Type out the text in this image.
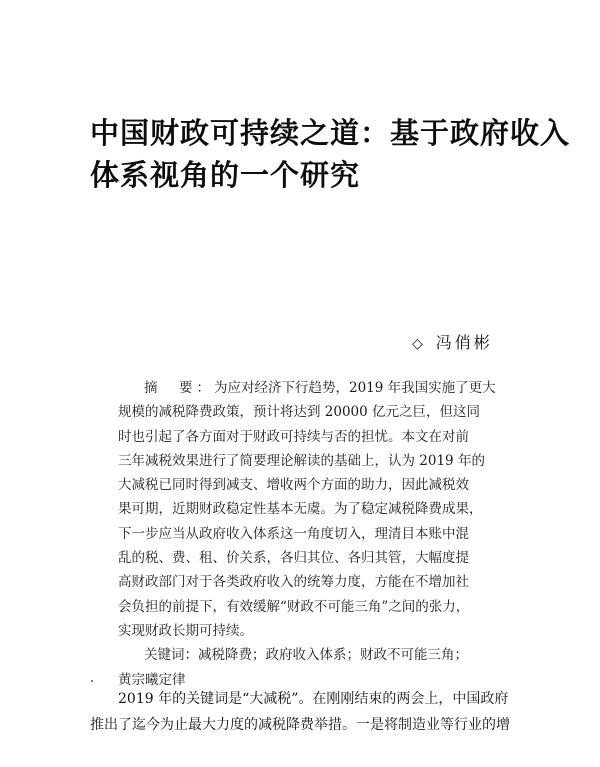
中国财政可持续之道：基于政府收入
体系视角的一个研究
◇ 冯俏彬
摘　要：为应对经济下行趋势，2019 年我国实施了更大
规模的减税降费政策，预计将达到 20000 亿元之巨，但这同
时也引起了各方面对于财政可持续与否的担忧。本文在对前
三年减税效果进行了简要理论解读的基础上，认为 2019 年的
大减税已同时得到减支、增收两个方面的助力，因此减税效
果可期，近期财政稳定性基本无虞。为了稳定减税降费成果，
下一步应当从政府收入体系这一角度切入，理清目本账中混
乱的税、费、租、价关系，各归其位、各归其管，大幅度提
高财政部门对于各类政府收入的统筹力度，方能在不增加社
会负担的前提下，有效缓解“财政不可能三角”之间的张力，
实现财政长期可持续。
关键词：减税降费；政府收入体系；财政不可能三角；
黄宗曦定律
2019 年的关键词是“大减税”。在刚刚结束的两会上，中国政府
推出了迄今为止最大力度的减税降费举措。一是将制造业等行业的增
